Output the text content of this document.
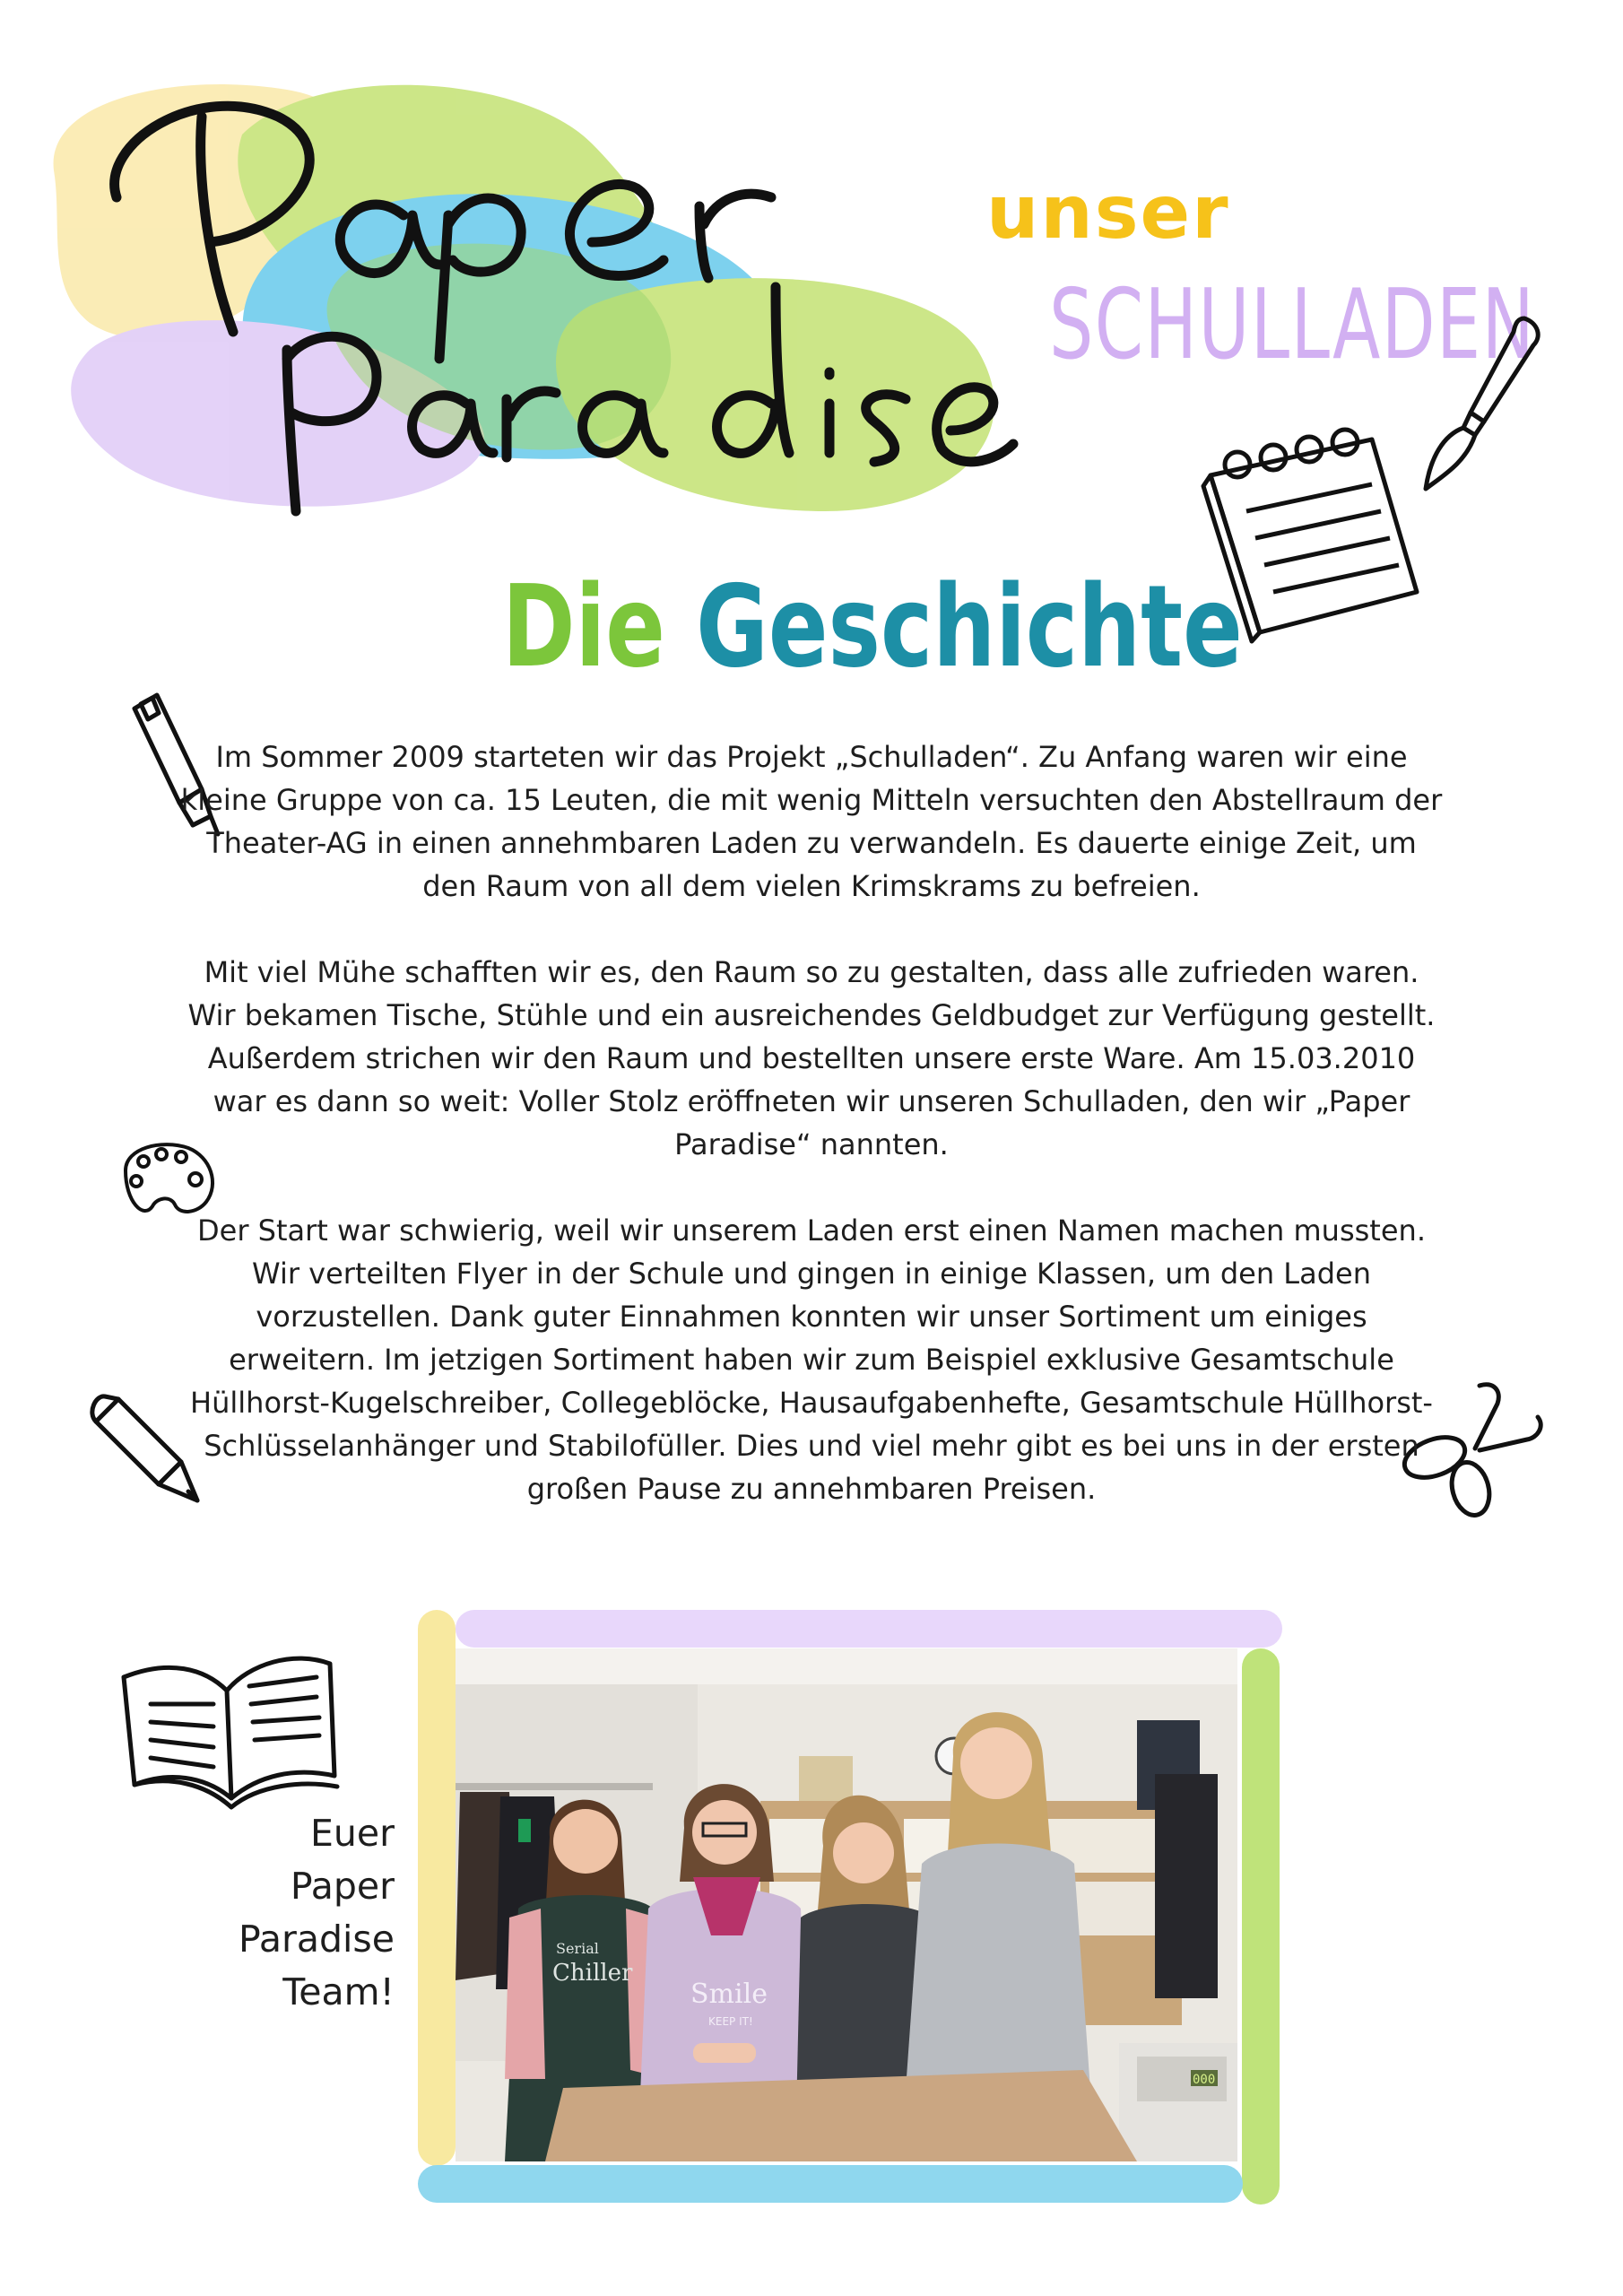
unser
SCHULLADEN
Die Geschichte

Im Sommer 2009 starteten wir das Projekt „Schulladen“. Zu Anfang waren wir eine kleine Gruppe von ca. 15 Leuten, die mit wenig Mitteln versuchten den Abstellraum der Theater-AG in einen annehmbaren Laden zu verwandeln. Es dauerte einige Zeit, um den Raum von all dem vielen Krimskrams zu befreien.

Mit viel Mühe schafften wir es, den Raum so zu gestalten, dass alle zufrieden waren. Wir bekamen Tische, Stühle und ein ausreichendes Geldbudget zur Verfügung gestellt. Außerdem strichen wir den Raum und bestellten unsere erste Ware. Am 15.03.2010 war es dann so weit: Voller Stolz eröffneten wir unseren Schulladen, den wir „Paper Paradise“ nannten.

Der Start war schwierig, weil wir unserem Laden erst einen Namen machen mussten. Wir verteilten Flyer in der Schule und gingen in einige Klassen, um den Laden vorzustellen. Dank guter Einnahmen konnten wir unser Sortiment um einiges erweitern. Im jetzigen Sortiment haben wir zum Beispiel exklusive Gesamtschule Hüllhorst-Kugelschreiber, Collegeblöcke, Hausaufgabenhefte, Gesamtschule Hüllhorst-Schlüsselanhänger und Stabilofüller. Dies und viel mehr gibt es bei uns in der ersten großen Pause zu annehmbaren Preisen.

Euer
Paper
Paradise
Team!
000
Serial
Chiller
Smile
KEEP IT!
